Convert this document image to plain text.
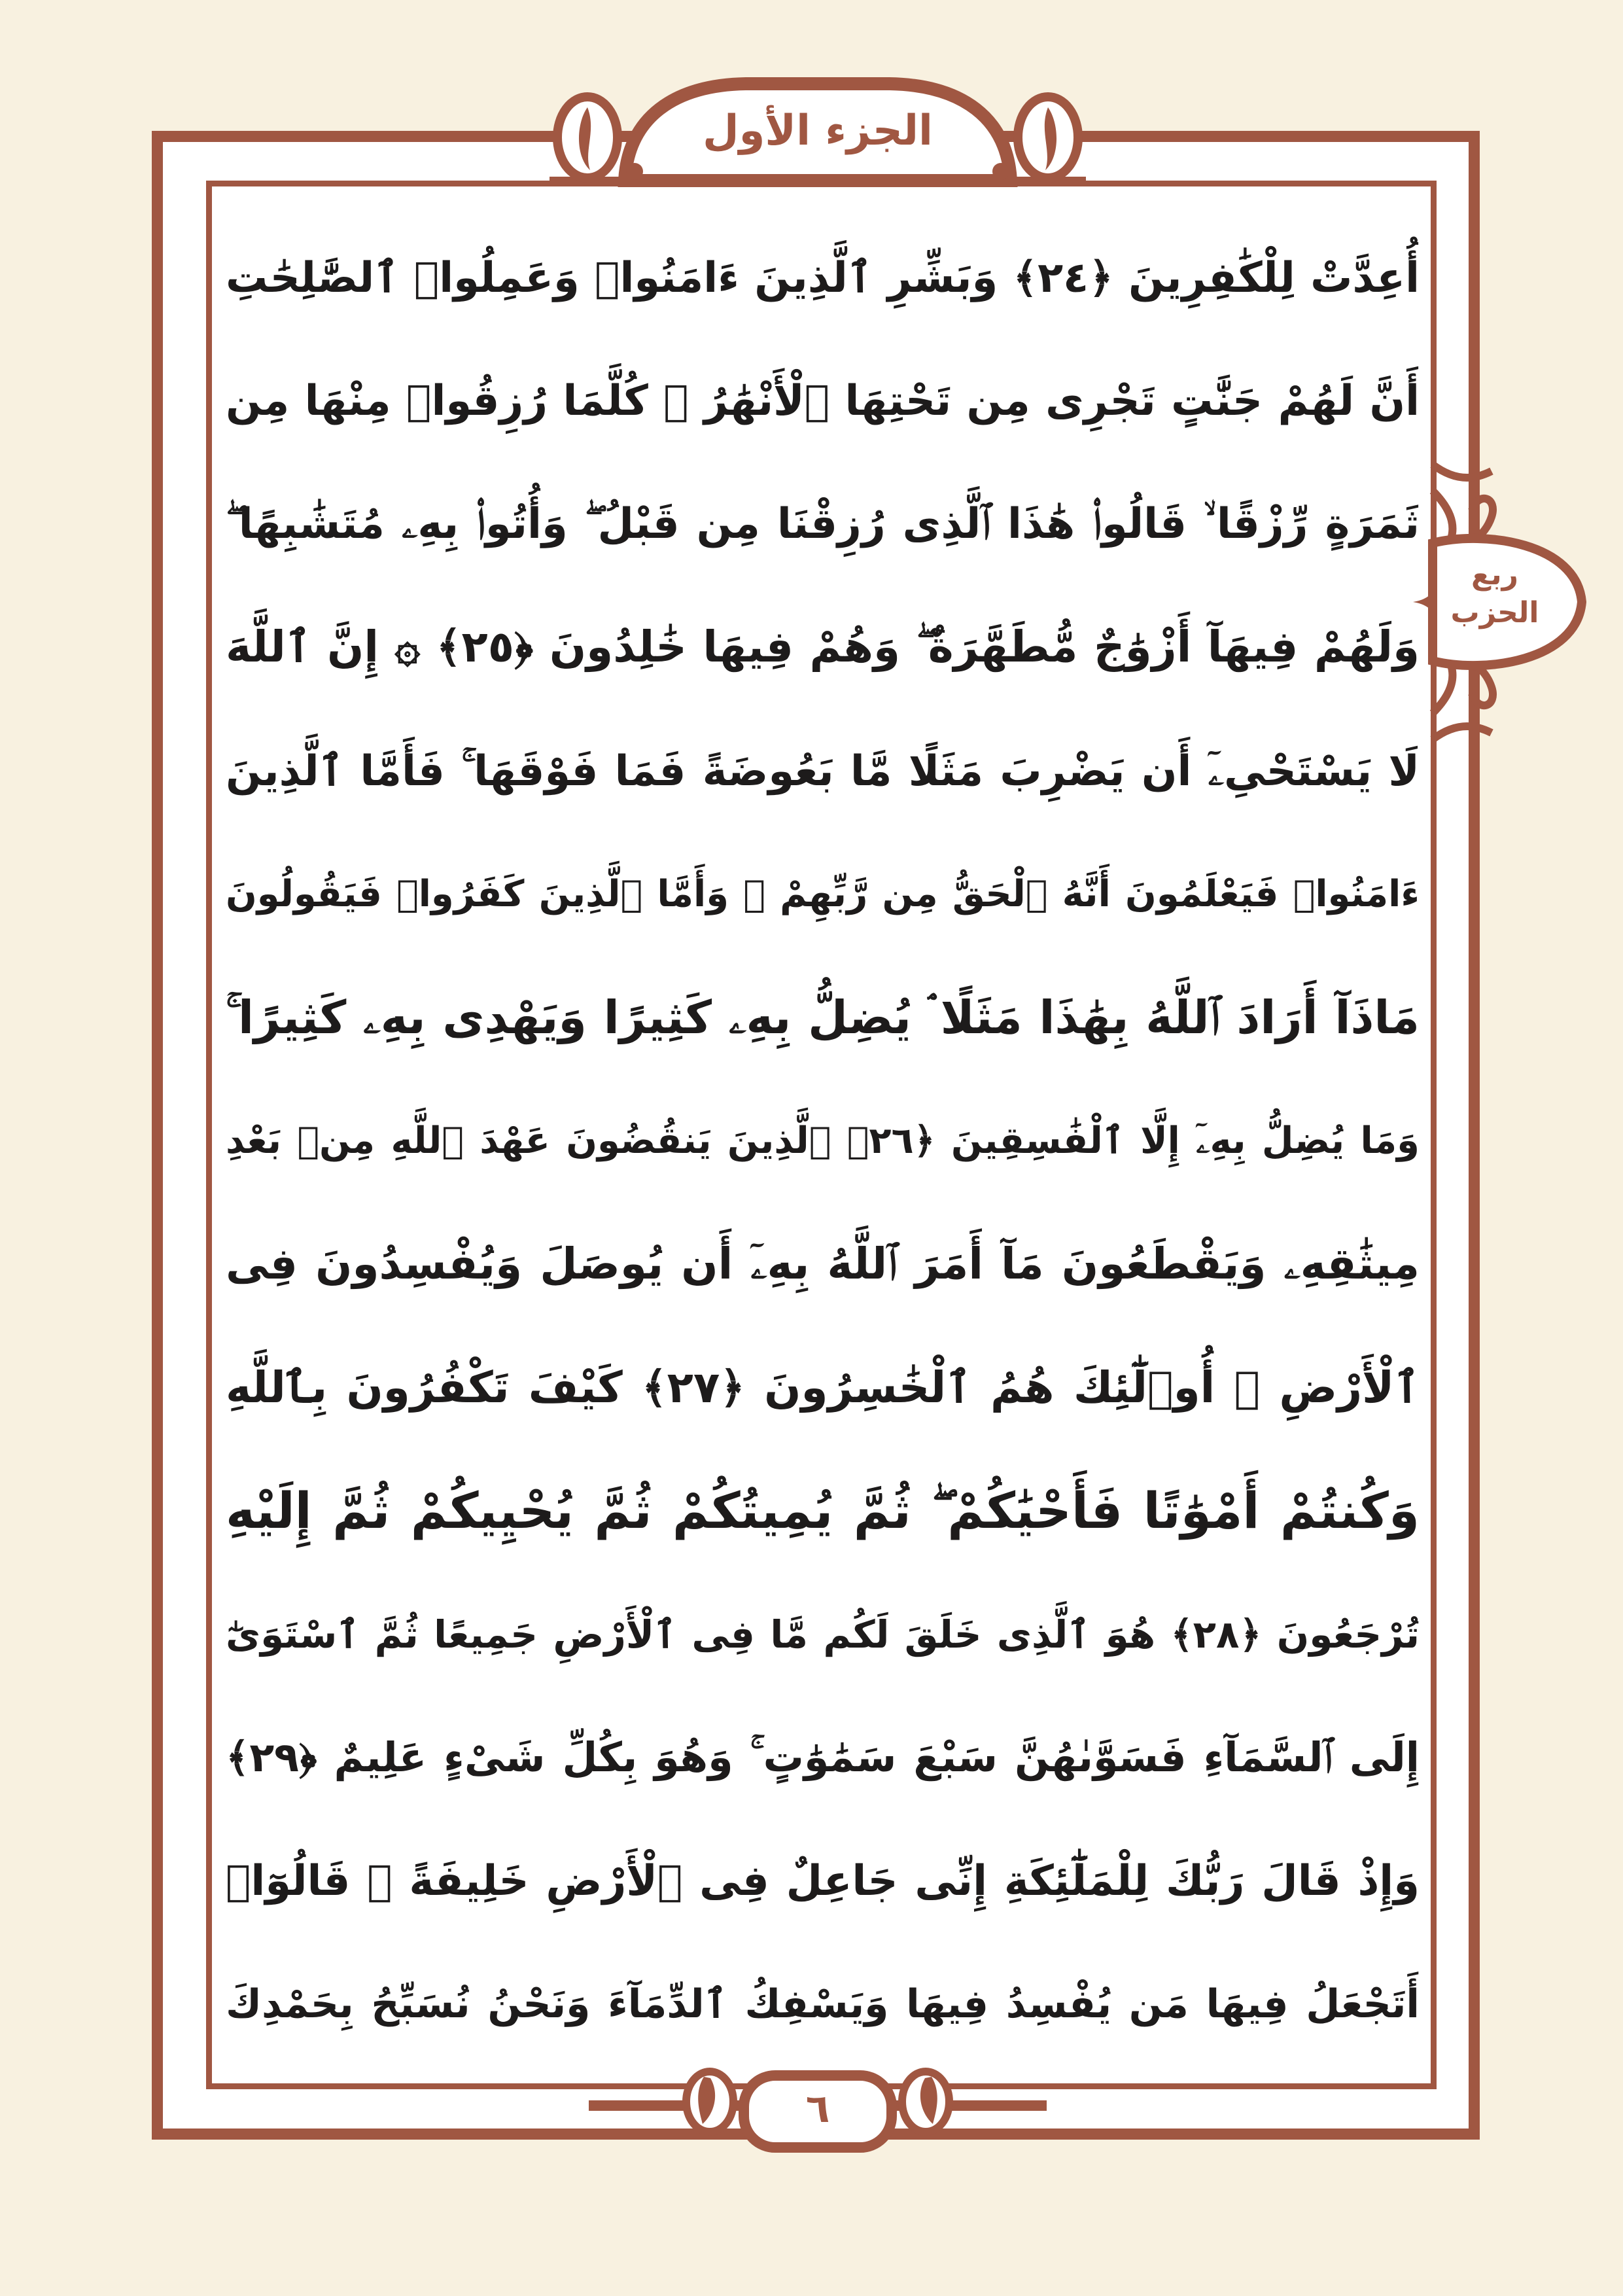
الجزء الأول
ربع الحزب
أُعِدَّتْ لِلْكَٰفِرِينَ ﴿٢٤﴾ وَبَشِّرِ ٱلَّذِينَ ءَامَنُوا۟ وَعَمِلُوا۟ ٱلصَّٰلِحَٰتِ
أَنَّ لَهُمْ جَنَّٰتٍ تَجْرِى مِن تَحْتِهَا ٱلْأَنْهَٰرُ ۖ كُلَّمَا رُزِقُوا۟ مِنْهَا مِن
ثَمَرَةٍ رِّزْقًا ۙ قَالُوا۟ هَٰذَا ٱلَّذِى رُزِقْنَا مِن قَبْلُ ۖ وَأُتُوا۟ بِهِۦ مُتَشَٰبِهًا ۖ
وَلَهُمْ فِيهَآ أَزْوَٰجٌ مُّطَهَّرَةٌ ۖ وَهُمْ فِيهَا خَٰلِدُونَ ﴿٢٥﴾ ۞ إِنَّ ٱللَّهَ
لَا يَسْتَحْىِۦٓ أَن يَضْرِبَ مَثَلًا مَّا بَعُوضَةً فَمَا فَوْقَهَا ۚ فَأَمَّا ٱلَّذِينَ
ءَامَنُوا۟ فَيَعْلَمُونَ أَنَّهُ ٱلْحَقُّ مِن رَّبِّهِمْ ۖ وَأَمَّا ٱلَّذِينَ كَفَرُوا۟ فَيَقُولُونَ
مَاذَآ أَرَادَ ٱللَّهُ بِهَٰذَا مَثَلًا ۘ يُضِلُّ بِهِۦ كَثِيرًا وَيَهْدِى بِهِۦ كَثِيرًا ۚ
وَمَا يُضِلُّ بِهِۦٓ إِلَّا ٱلْفَٰسِقِينَ ﴿٢٦﴾ ٱلَّذِينَ يَنقُضُونَ عَهْدَ ٱللَّهِ مِنۢ بَعْدِ
مِيثَٰقِهِۦ وَيَقْطَعُونَ مَآ أَمَرَ ٱللَّهُ بِهِۦٓ أَن يُوصَلَ وَيُفْسِدُونَ فِى
ٱلْأَرْضِ ۚ أُو۟لَٰٓئِكَ هُمُ ٱلْخَٰسِرُونَ ﴿٢٧﴾ كَيْفَ تَكْفُرُونَ بِٱللَّهِ
وَكُنتُمْ أَمْوَٰتًا فَأَحْيَٰكُمْ ۖ ثُمَّ يُمِيتُكُمْ ثُمَّ يُحْيِيكُمْ ثُمَّ إِلَيْهِ
تُرْجَعُونَ ﴿٢٨﴾ هُوَ ٱلَّذِى خَلَقَ لَكُم مَّا فِى ٱلْأَرْضِ جَمِيعًا ثُمَّ ٱسْتَوَىٰٓ
إِلَى ٱلسَّمَآءِ فَسَوَّىٰهُنَّ سَبْعَ سَمَٰوَٰتٍ ۚ وَهُوَ بِكُلِّ شَىْءٍ عَلِيمٌ ﴿٢٩﴾
وَإِذْ قَالَ رَبُّكَ لِلْمَلَٰٓئِكَةِ إِنِّى جَاعِلٌ فِى ٱلْأَرْضِ خَلِيفَةً ۖ قَالُوٓا۟
أَتَجْعَلُ فِيهَا مَن يُفْسِدُ فِيهَا وَيَسْفِكُ ٱلدِّمَآءَ وَنَحْنُ نُسَبِّحُ بِحَمْدِكَ
٦
